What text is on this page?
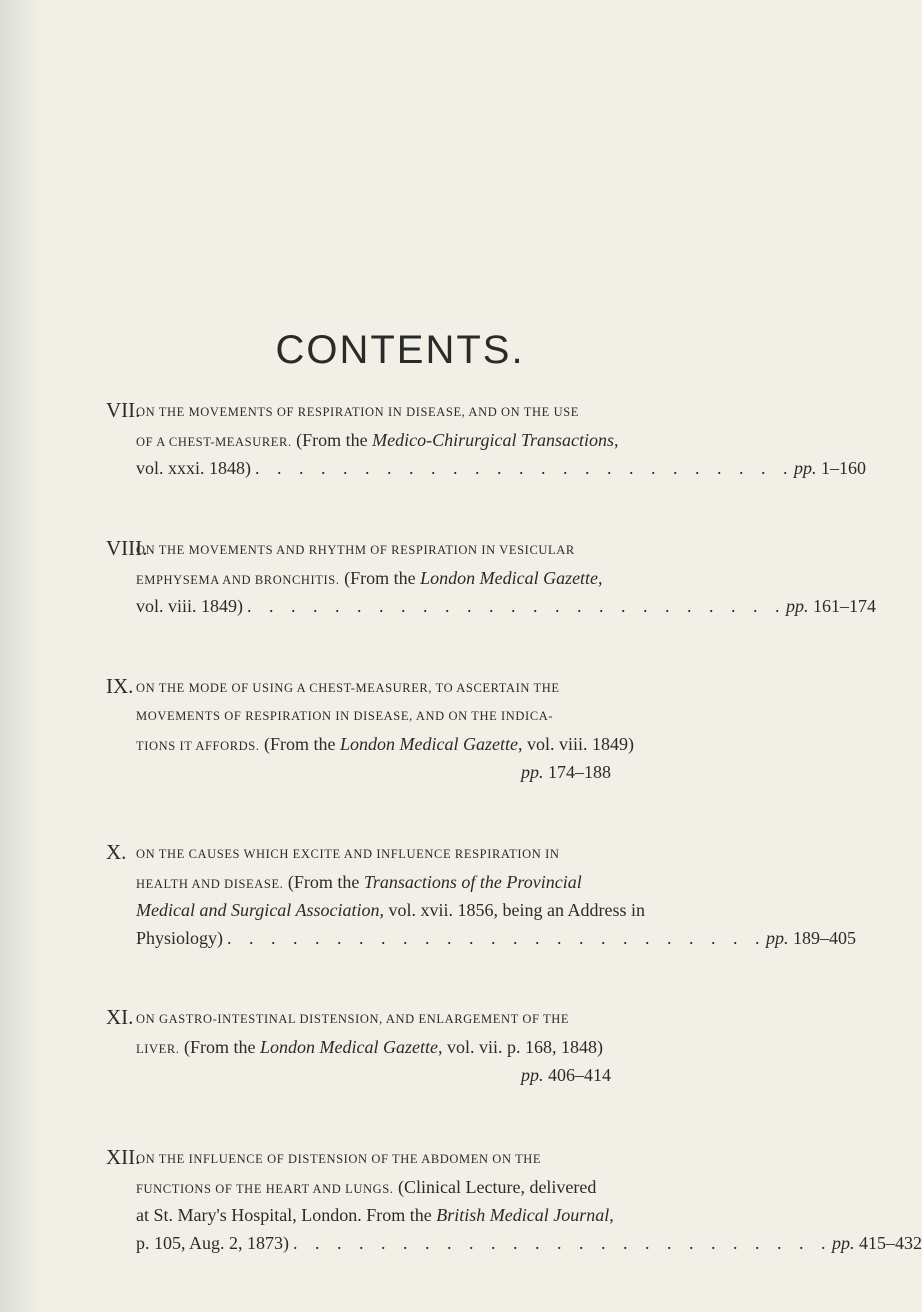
CONTENTS.
VII.
ON THE MOVEMENTS OF RESPIRATION IN DISEASE, AND ON THE USE
OF A CHEST-MEASURER. (From the Medico-Chirurgical Transactions,
vol. xxxi. 1848) . . . . . . . . . . . . . . . . . . . . . . . . . pp.
1–160
VIII.
ON THE MOVEMENTS AND RHYTHM OF RESPIRATION IN VESICULAR
EMPHYSEMA AND BRONCHITIS. (From the London Medical Gazette,
vol. viii. 1849) . . . . . . . . . . . . . . . . . . . . . . . . . pp.
161–174
IX. ON THE MODE OF USING A CHEST-MEASURER, TO ASCERTAIN THE
MOVEMENTS OF RESPIRATION IN DISEASE, AND ON THE INDICA-
TIONS IT AFFORDS. (From the London Medical Gazette, vol. viii. 1849)
pp. 174–188
X. ON THE CAUSES WHICH EXCITE AND INFLUENCE RESPIRATION IN
HEALTH AND DISEASE. (From the Transactions of the Provincial
Medical and Surgical Association, vol. xvii. 1856, being an Address in
Physiology) . . . . . . . . . . . . . . . . . . . . . . . . . pp.
189–405
XI. ON GASTRO-INTESTINAL DISTENSION, AND ENLARGEMENT OF THE
LIVER. (From the London Medical Gazette, vol. vii. p. 168, 1848)
pp. 406–414
XII.
ON THE INFLUENCE OF DISTENSION OF THE ABDOMEN ON THE
FUNCTIONS OF THE HEART AND LUNGS. (Clinical Lecture, delivered
at St. Mary's Hospital, London. From the British Medical Journal,
p. 105, Aug. 2, 1873) . . . . . . . . . . . . . . . . . . . . . . . . . pp.
415–432
